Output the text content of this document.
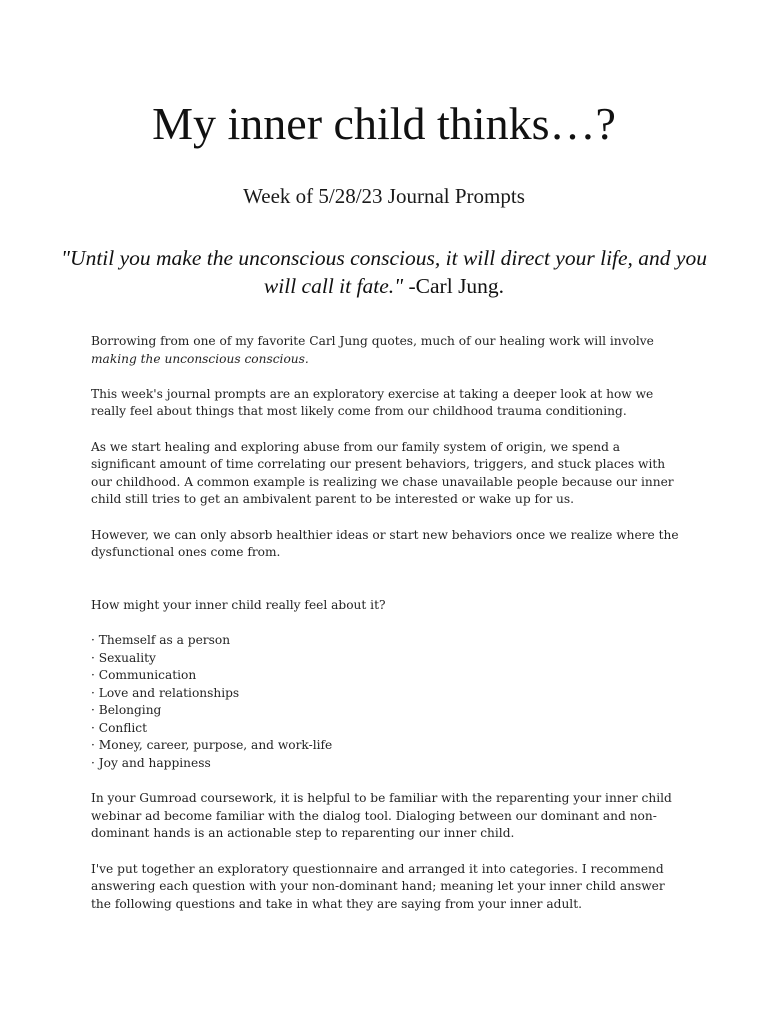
My inner child thinks…?
Week of 5/28/23 Journal Prompts

"Until you make the unconscious conscious, it will direct your life, and you will call it fate." -Carl Jung.

Borrowing from one of my favorite Carl Jung quotes, much of our healing work will involve making the unconscious conscious.

This week's journal prompts are an exploratory exercise at taking a deeper look at how we really feel about things that most likely come from our childhood trauma conditioning.

As we start healing and exploring abuse from our family system of origin, we spend a significant amount of time correlating our present behaviors, triggers, and stuck places with our childhood. A common example is realizing we chase unavailable people because our inner child still tries to get an ambivalent parent to be interested or wake up for us.

However, we can only absorb healthier ideas or start new behaviors once we realize where the dysfunctional ones come from.

How might your inner child really feel about it?

· Themself as a person
· Sexuality
· Communication
· Love and relationships
· Belonging
· Conflict
· Money, career, purpose, and work-life
· Joy and happiness

In your Gumroad coursework, it is helpful to be familiar with the reparenting your inner child webinar ad become familiar with the dialog tool. Dialoging between our dominant and non-dominant hands is an actionable step to reparenting our inner child.

I've put together an exploratory questionnaire and arranged it into categories. I recommend answering each question with your non-dominant hand; meaning let your inner child answer the following questions and take in what they are saying from your inner adult.
